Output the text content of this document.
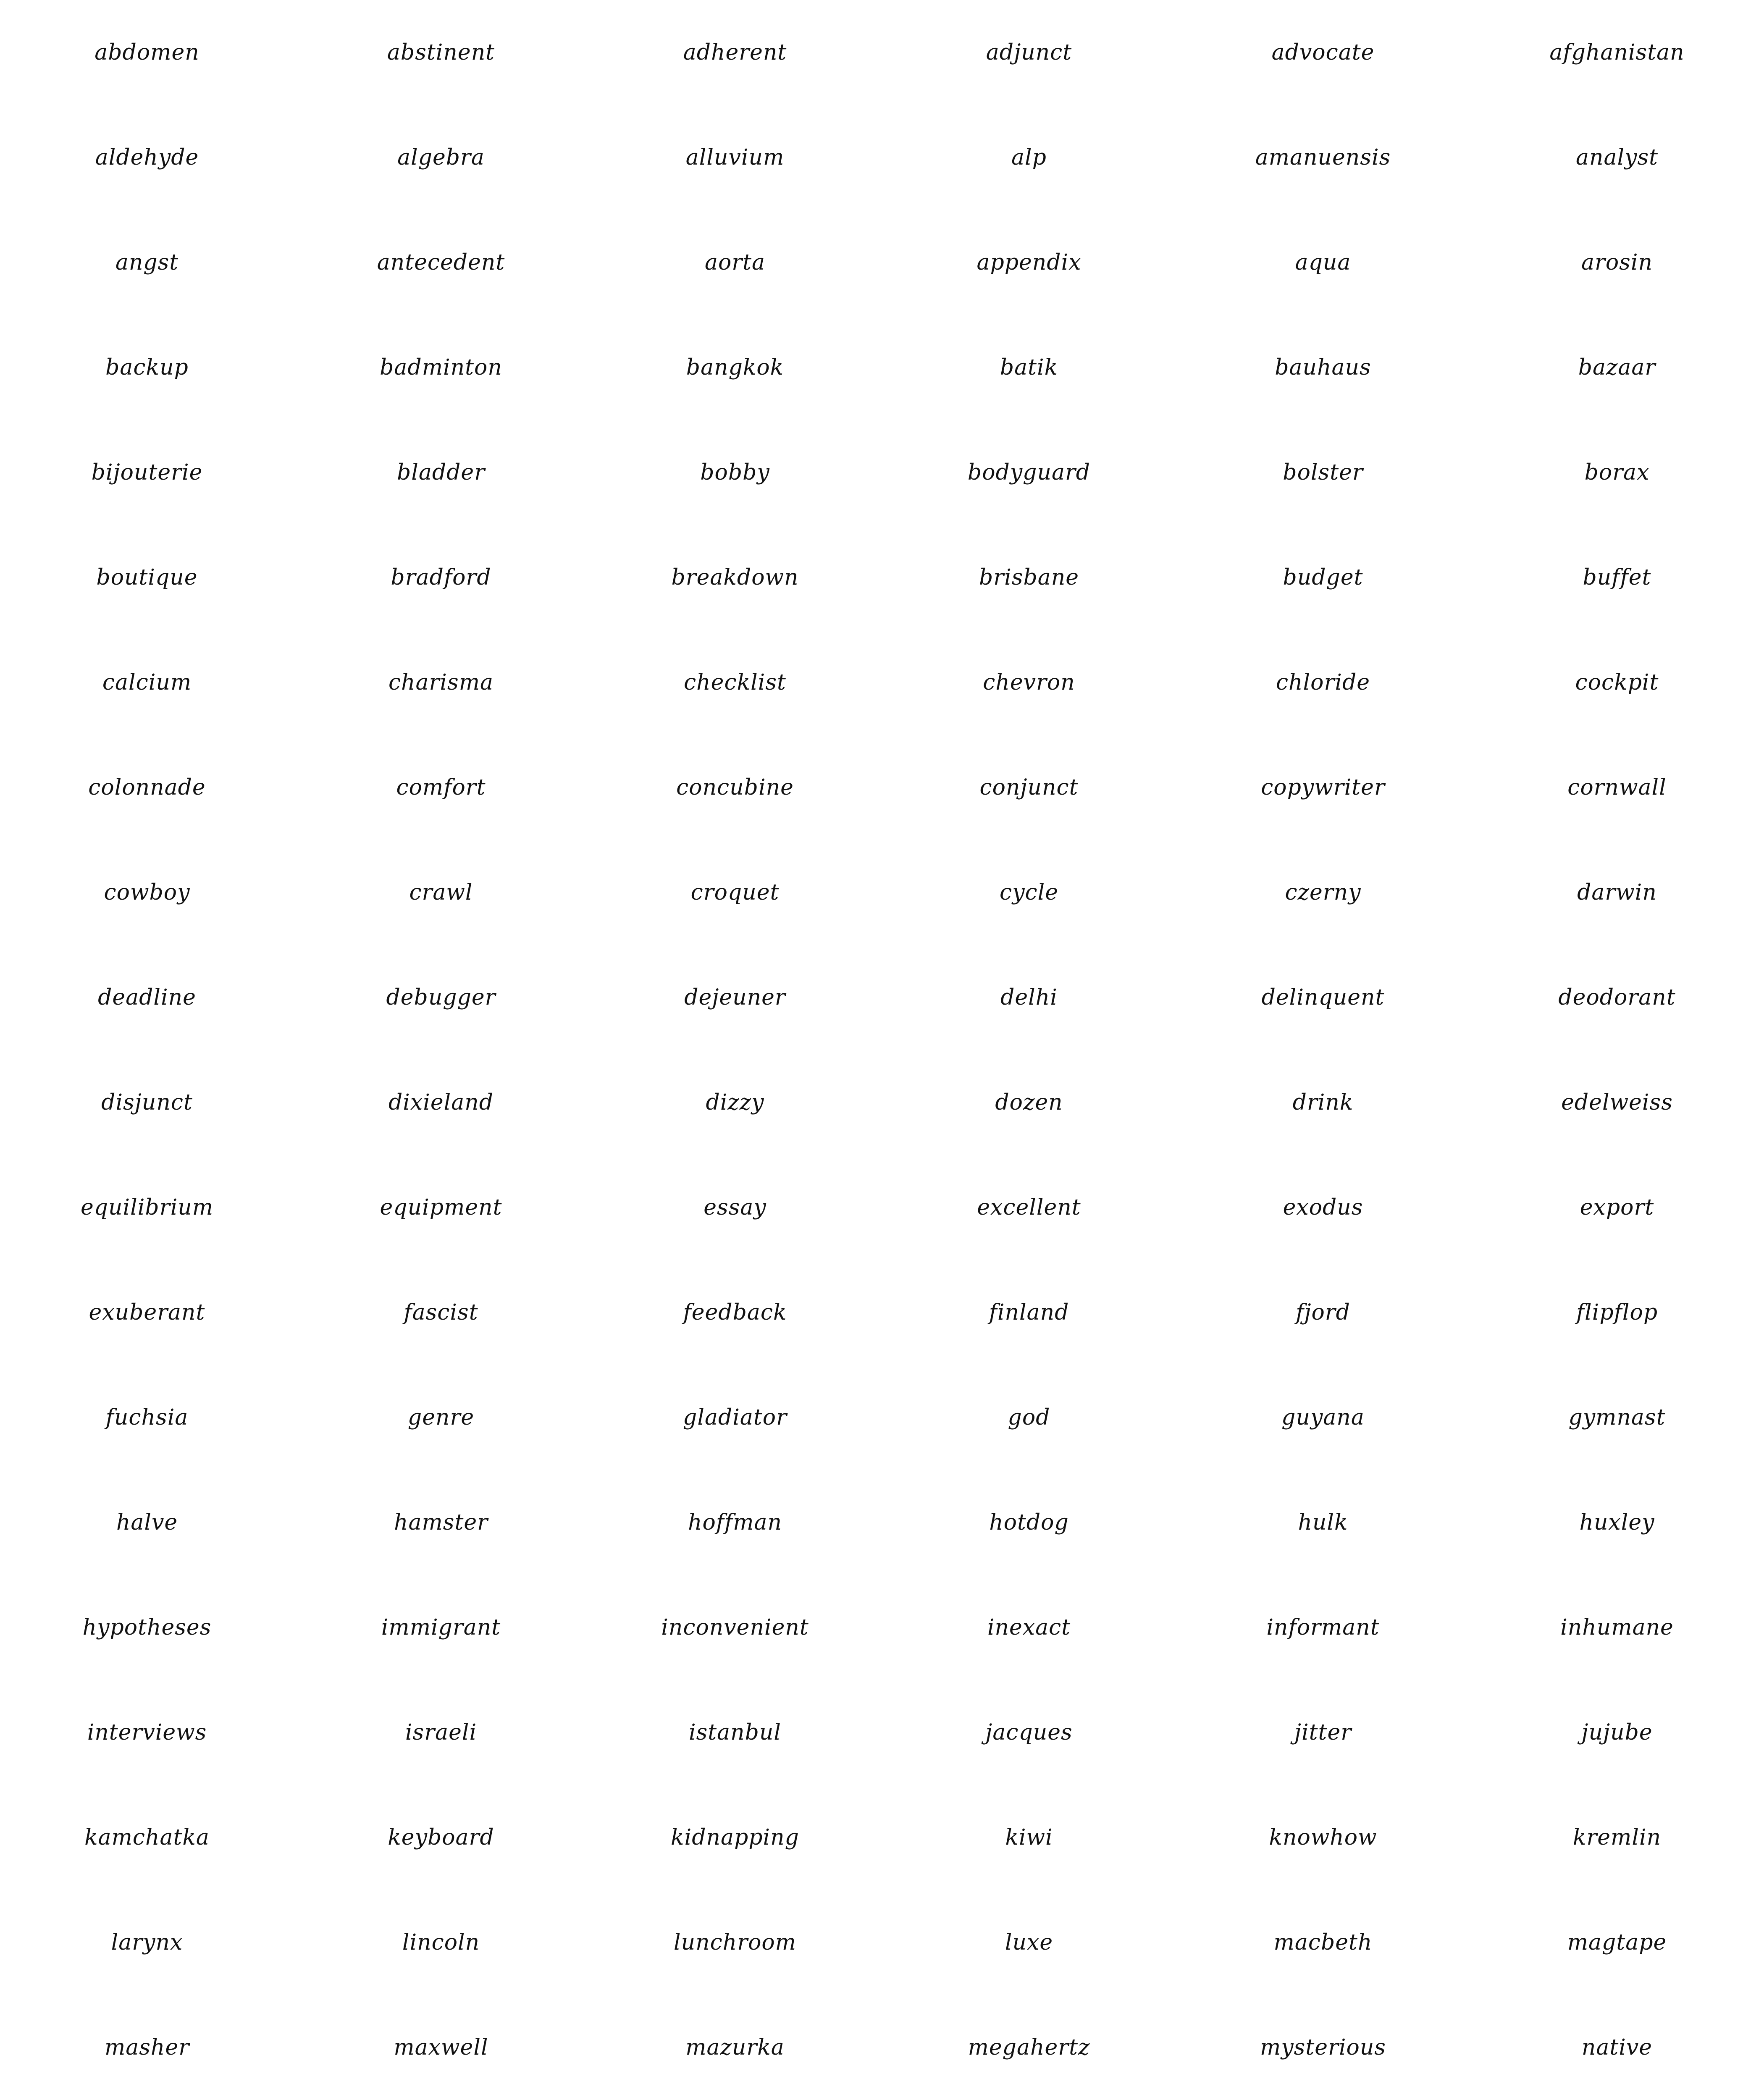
abdomen	abstinent	adherent	adjunct	advocate	afghanistan
aldehyde	algebra	alluvium	alp	amanuensis	analyst
angst	antecedent	aorta	appendix	aqua	arosin
backup	badminton	bangkok	batik	bauhaus	bazaar
bijouterie	bladder	bobby	bodyguard	bolster	borax
boutique	bradford	breakdown	brisbane	budget	buffet
calcium	charisma	checklist	chevron	chloride	cockpit
colonnade	comfort	concubine	conjunct	copywriter	cornwall
cowboy	crawl	croquet	cycle	czerny	darwin
deadline	debugger	dejeuner	delhi	delinquent	deodorant
disjunct	dixieland	dizzy	dozen	drink	edelweiss
equilibrium	equipment	essay	excellent	exodus	export
exuberant	fascist	feedback	finland	fjord	flipflop
fuchsia	genre	gladiator	god	guyana	gymnast
halve	hamster	hoffman	hotdog	hulk	huxley
hypotheses	immigrant	inconvenient	inexact	informant	inhumane
interviews	israeli	istanbul	jacques	jitter	jujube
kamchatka	keyboard	kidnapping	kiwi	knowhow	kremlin
larynx	lincoln	lunchroom	luxe	macbeth	magtape
masher	maxwell	mazurka	megahertz	mysterious	native
